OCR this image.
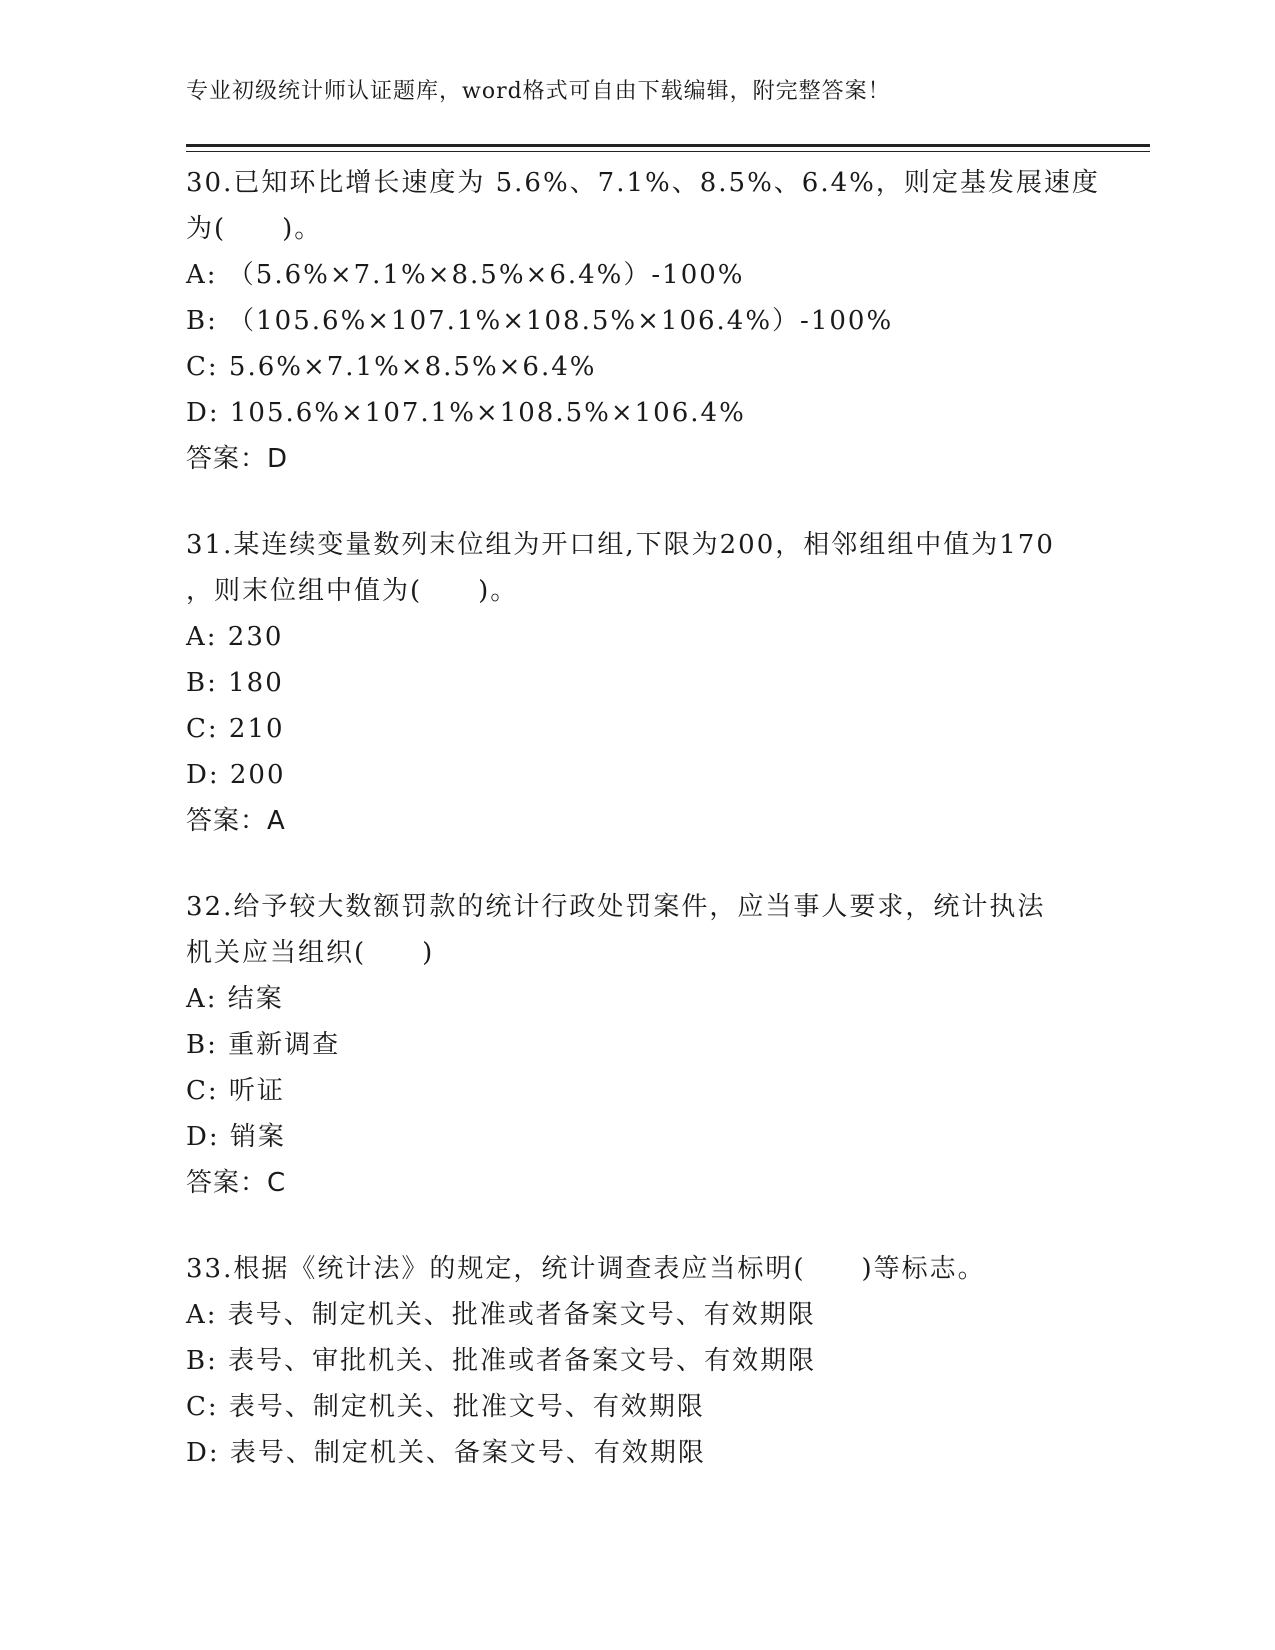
专业初级统计师认证题库，word格式可自由下载编辑，附完整答案！
30.已知环比增长速度为 5.6%、7.1%、8.5%、6.4%，则定基发展速度
为(　　)。
A: （5.6%×7.1%×8.5%×6.4%）-100%
B: （105.6%×107.1%×108.5%×106.4%）-100%
C: 5.6%×7.1%×8.5%×6.4%
D: 105.6%×107.1%×108.5%×106.4%
答案：D
31.某连续变量数列末位组为开口组,下限为200，相邻组组中值为170
，则末位组中值为(　　)。
A: 230
B: 180
C: 210
D: 200
答案：A
32.给予较大数额罚款的统计行政处罚案件，应当事人要求，统计执法
机关应当组织(　　)
A: 结案
B: 重新调查
C: 听证
D: 销案
答案：C
33.根据《统计法》的规定，统计调查表应当标明(　　)等标志。
A: 表号、制定机关、批准或者备案文号、有效期限
B: 表号、审批机关、批准或者备案文号、有效期限
C: 表号、制定机关、批准文号、有效期限
D: 表号、制定机关、备案文号、有效期限
